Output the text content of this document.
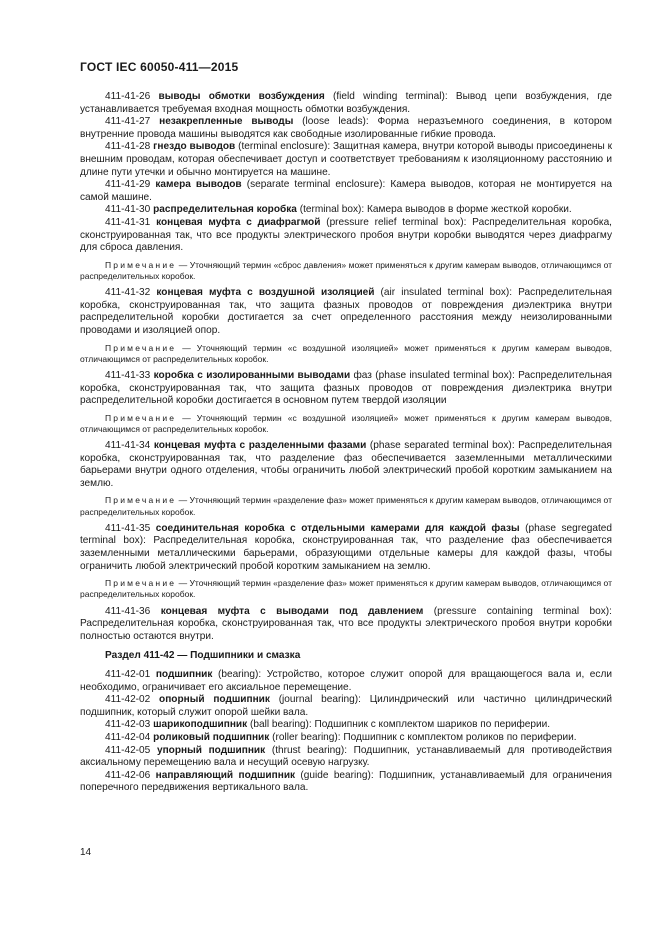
ГОСТ IEC 60050-411—2015

411-41-26 выводы обмотки возбуждения (field winding terminal): Вывод цепи возбуждения, где устанавливается требуемая входная мощность обмотки возбуждения.

411-41-27 незакрепленные выводы (loose leads): Форма неразъемного соединения, в котором внутренние провода машины выводятся как свободные изолированные гибкие провода.

411-41-28 гнездо выводов (terminal enclosure): Защитная камера, внутри которой выводы присоединены к внешним проводам, которая обеспечивает доступ и соответствует требованиям к изоляционному расстоянию и длине пути утечки и обычно монтируется на машине.

411-41-29 камера выводов (separate terminal enclosure): Камера выводов, которая не монтируется на самой машине.

411-41-30 распределительная коробка (terminal box): Камера выводов в форме жесткой коробки.

411-41-31 концевая муфта с диафрагмой (pressure relief terminal box): Распределительная коробка, сконструированная так, что все продукты электрического пробоя внутри коробки выводятся через диафрагму для сброса давления.

Примечание — Уточняющий термин «сброс давления» может применяться к другим камерам выводов, отличающимся от распределительных коробок.

411-41-32 концевая муфта с воздушной изоляцией (air insulated terminal box): Распределительная коробка, сконструированная так, что защита фазных проводов от повреждения диэлектрика внутри распределительной коробки достигается за счет определенного расстояния между неизолированными проводами и изоляцией опор.

Примечание — Уточняющий термин «с воздушной изоляцией» может применяться к другим камерам выводов, отличающимся от распределительных коробок.

411-41-33 коробка с изолированными выводами фаз (phase insulated terminal box): Распределительная коробка, сконструированная так, что защита фазных проводов от повреждения диэлектрика внутри распределительной коробки достигается в основном путем твердой изоляции

Примечание — Уточняющий термин «с воздушной изоляцией» может применяться к другим камерам выводов, отличающимся от распределительных коробок.

411-41-34 концевая муфта с разделенными фазами (phase separated terminal box): Распределительная коробка, сконструированная так, что разделение фаз обеспечивается заземленными металлическими барьерами внутри одного отделения, чтобы ограничить любой электрический пробой коротким замыканием на землю.

Примечание — Уточняющий термин «разделение фаз» может применяться к другим камерам выводов, отличающимся от распределительных коробок.

411-41-35 соединительная коробка с отдельными камерами для каждой фазы (phase segregated terminal box): Распределительная коробка, сконструированная так, что разделение фаз обеспечивается заземленными металлическими барьерами, образующими отдельные камеры для каждой фазы, чтобы ограничить любой электрический пробой коротким замыканием на землю.

Примечание — Уточняющий термин «разделение фаз» может применяться к другим камерам выводов, отличающимся от распределительных коробок.

411-41-36 концевая муфта с выводами под давлением (pressure containing terminal box): Распределительная коробка, сконструированная так, что все продукты электрического пробоя внутри коробки полностью остаются внутри.

Раздел 411-42 — Подшипники и смазка

411-42-01 подшипник (bearing): Устройство, которое служит опорой для вращающегося вала и, если необходимо, ограничивает его аксиальное перемещение.

411-42-02 опорный подшипник (journal bearing): Цилиндрический или частично цилиндрический подшипник, который служит опорой шейки вала.

411-42-03 шарикоподшипник (ball bearing): Подшипник с комплектом шариков по периферии.

411-42-04 роликовый подшипник (roller bearing): Подшипник с комплектом роликов по периферии.

411-42-05 упорный подшипник (thrust bearing): Подшипник, устанавливаемый для противодействия аксиальному перемещению вала и несущий осевую нагрузку.

411-42-06 направляющий подшипник (guide bearing): Подшипник, устанавливаемый для ограничения поперечного передвижения вертикального вала.

14
